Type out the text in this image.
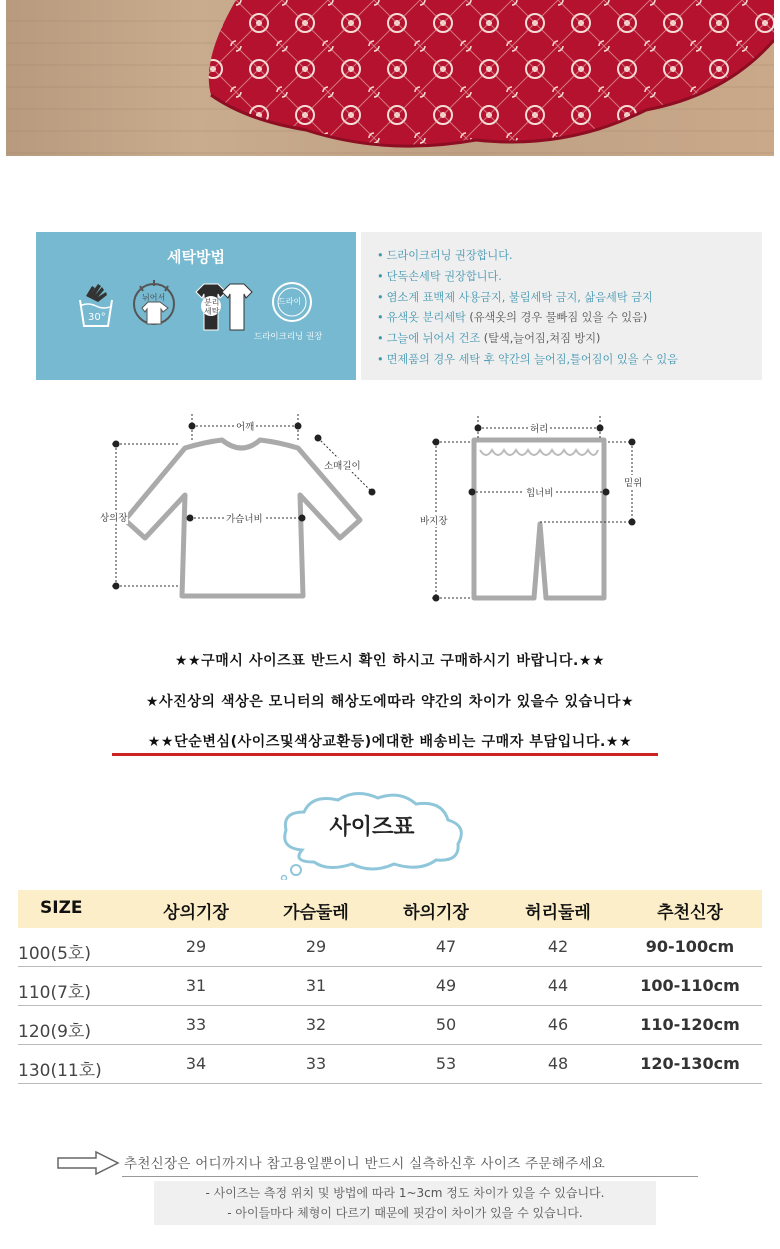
세탁방법
30°
뉘어서
분리
세탁
드라이
드라이크리닝 권장
• 드라이크리닝 권장합니다.
• 단독손세탁 권장합니다.
• 염소계 표백제 사용금지, 불림세탁 금지, 삶음세탁 금지
• 유색옷 분리세탁 (유색옷의 경우 물빠짐 있을 수 있음)
• 그늘에 뉘어서 건조 (탈색,늘어짐,쳐짐 방지)
• 면제품의 경우 세탁 후 약간의 늘어짐,틀어짐이 있을 수 있음
어깨
소매길이
상의장	가슴너비
허리
밑위
힙너비
바지장
★★구매시 사이즈표 반드시 확인 하시고 구매하시기 바랍니다.★★
★사진상의 색상은 모니터의 해상도에따라 약간의 차이가 있을수 있습니다★
★★단순변심(사이즈및색상교환등)에대한 배송비는 구매자 부담입니다.★★
사이즈표
SIZE	상의기장	가슴둘레	하의기장	허리둘레	추천신장
100(5호)	29	29	47	42	90-100cm
110(7호)	31	31	49	44	100-110cm
120(9호)	33	32	50	46	110-120cm
130(11호)	34	33	53	48	120-130cm
추천신장은 어디까지나 참고용일뿐이니 반드시 실측하신후 사이즈 주문해주세요
- 사이즈는 측정 위치 및 방법에 따라 1~3cm 정도 차이가 있을 수 있습니다.
- 아이들마다 체형이 다르기 때문에 핏감이 차이가 있을 수 있습니다.
